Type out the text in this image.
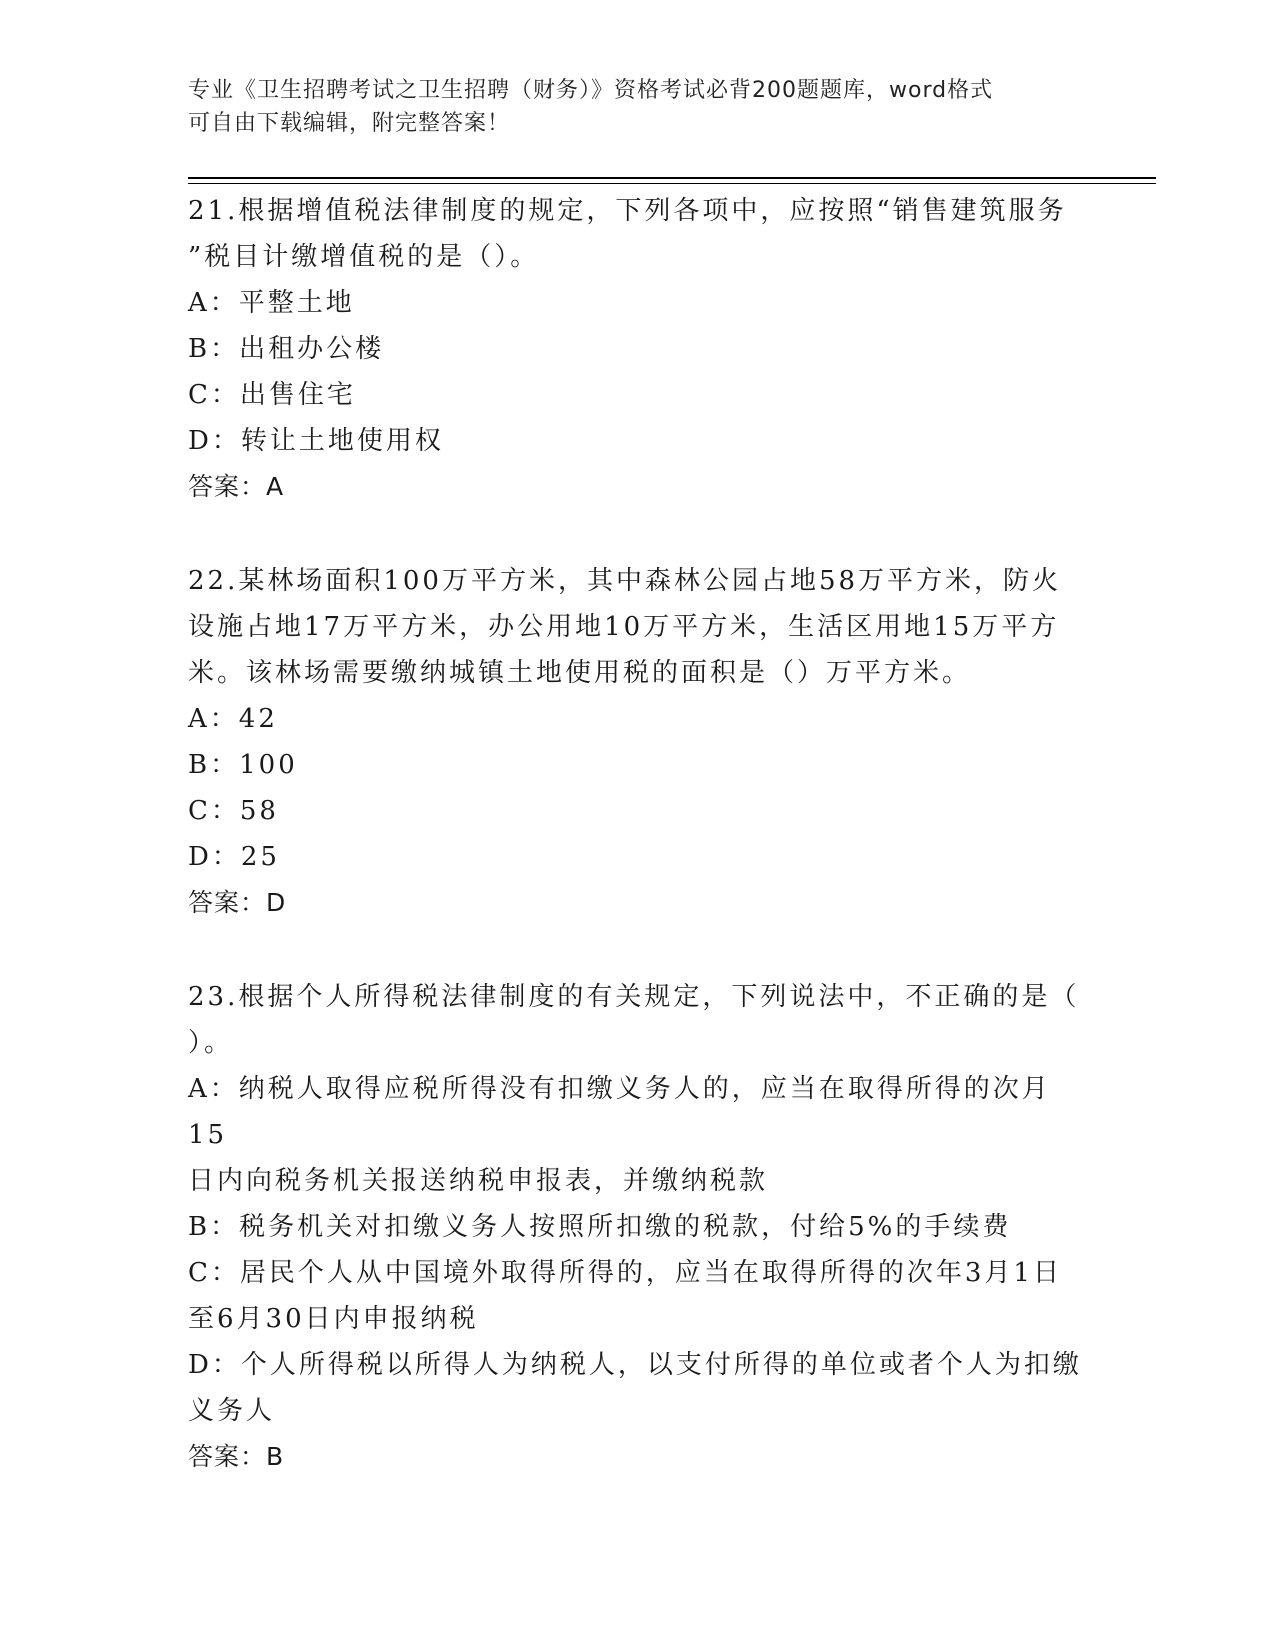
专业《卫生招聘考试之卫生招聘（财务）》资格考试必背200题题库，word格式
可自由下载编辑，附完整答案！

21.根据增值税法律制度的规定，下列各项中，应按照“销售建筑服务

”税目计缴增值税的是（）。

A：平整土地

B：出租办公楼

C：出售住宅

D：转让土地使用权

答案：A

22.某林场面积100万平方米，其中森林公园占地58万平方米，防火

设施占地17万平方米，办公用地10万平方米，生活区用地15万平方

米。该林场需要缴纳城镇土地使用税的面积是（）万平方米。

A：42

B：100

C：58

D：25

答案：D

23.根据个人所得税法律制度的有关规定，下列说法中，不正确的是（

）。

A：纳税人取得应税所得没有扣缴义务人的，应当在取得所得的次月15

日内向税务机关报送纳税申报表，并缴纳税款

B：税务机关对扣缴义务人按照所扣缴的税款，付给5%的手续费

C：居民个人从中国境外取得所得的，应当在取得所得的次年3月1日

至6月30日内申报纳税

D：个人所得税以所得人为纳税人，以支付所得的单位或者个人为扣缴

义务人

答案：B
